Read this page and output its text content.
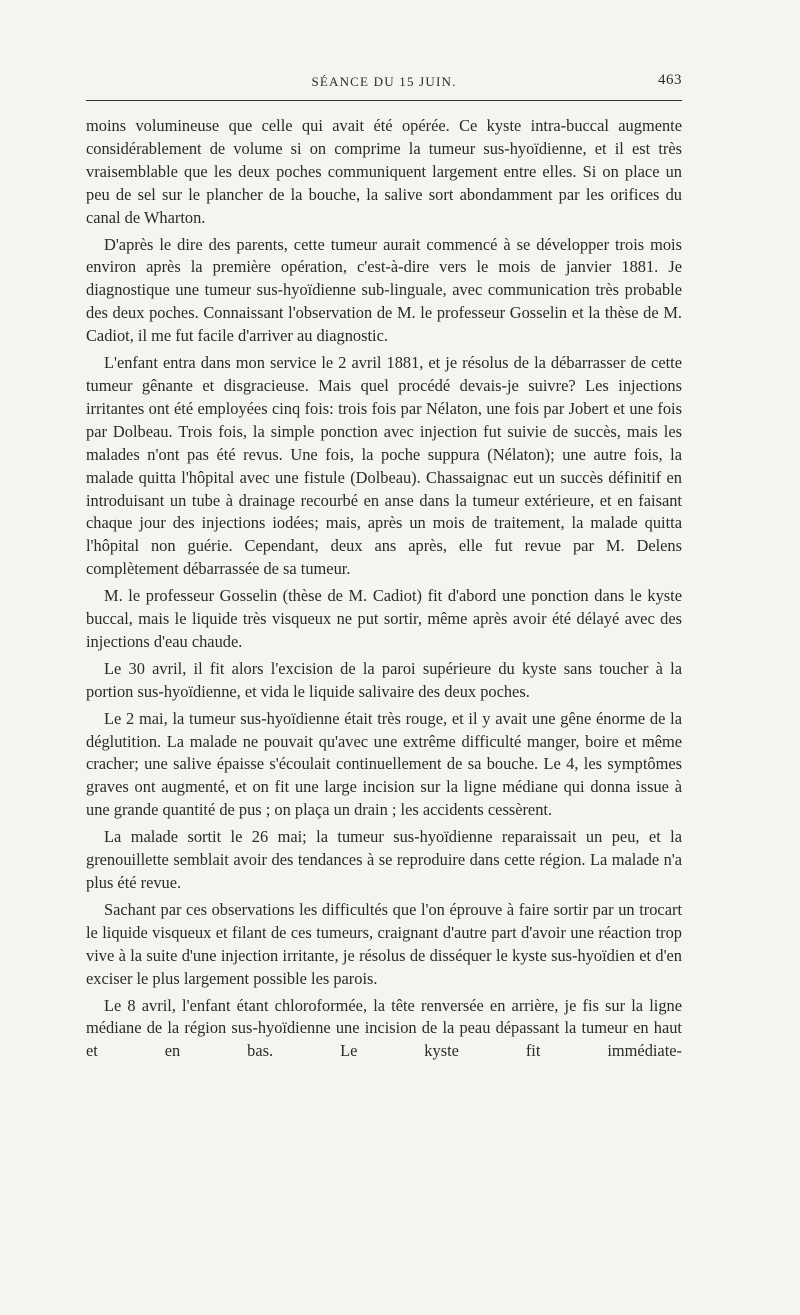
SÉANCE DU 15 JUIN.	463

moins volumineuse que celle qui avait été opérée. Ce kyste intra-buccal augmente considérablement de volume si on comprime la tumeur sus-hyoïdienne, et il est très vraisemblable que les deux poches communiquent largement entre elles. Si on place un peu de sel sur le plancher de la bouche, la salive sort abondamment par les orifices du canal de Wharton.

D'après le dire des parents, cette tumeur aurait commencé à se développer trois mois environ après la première opération, c'est-à-dire vers le mois de janvier 1881. Je diagnostique une tumeur sus-hyoïdienne sub-linguale, avec communication très probable des deux poches. Connaissant l'observation de M. le professeur Gosselin et la thèse de M. Cadiot, il me fut facile d'arriver au diagnostic.

L'enfant entra dans mon service le 2 avril 1881, et je résolus de la débarrasser de cette tumeur gênante et disgracieuse. Mais quel procédé devais-je suivre? Les injections irritantes ont été employées cinq fois: trois fois par Nélaton, une fois par Jobert et une fois par Dolbeau. Trois fois, la simple ponction avec injection fut suivie de succès, mais les malades n'ont pas été revus. Une fois, la poche suppura (Nélaton); une autre fois, la malade quitta l'hôpital avec une fistule (Dolbeau). Chassaignac eut un succès définitif en introduisant un tube à drainage recourbé en anse dans la tumeur extérieure, et en faisant chaque jour des injections iodées; mais, après un mois de traitement, la malade quitta l'hôpital non guérie. Cependant, deux ans après, elle fut revue par M. Delens complètement débarrassée de sa tumeur.

M. le professeur Gosselin (thèse de M. Cadiot) fit d'abord une ponction dans le kyste buccal, mais le liquide très visqueux ne put sortir, même après avoir été délayé avec des injections d'eau chaude.

Le 30 avril, il fit alors l'excision de la paroi supérieure du kyste sans toucher à la portion sus-hyoïdienne, et vida le liquide salivaire des deux poches.

Le 2 mai, la tumeur sus-hyoïdienne était très rouge, et il y avait une gêne énorme de la déglutition. La malade ne pouvait qu'avec une extrême difficulté manger, boire et même cracher; une salive épaisse s'écoulait continuellement de sa bouche. Le 4, les symptômes graves ont augmenté, et on fit une large incision sur la ligne médiane qui donna issue à une grande quantité de pus ; on plaça un drain ; les accidents cessèrent.

La malade sortit le 26 mai; la tumeur sus-hyoïdienne reparaissait un peu, et la grenouillette semblait avoir des tendances à se reproduire dans cette région. La malade n'a plus été revue.

Sachant par ces observations les difficultés que l'on éprouve à faire sortir par un trocart le liquide visqueux et filant de ces tumeurs, craignant d'autre part d'avoir une réaction trop vive à la suite d'une injection irritante, je résolus de disséquer le kyste sus-hyoïdien et d'en exciser le plus largement possible les parois.

Le 8 avril, l'enfant étant chloroformée, la tête renversée en arrière, je fis sur la ligne médiane de la région sus-hyoïdienne une incision de la peau dépassant la tumeur en haut et en bas. Le kyste fit immédiate-
